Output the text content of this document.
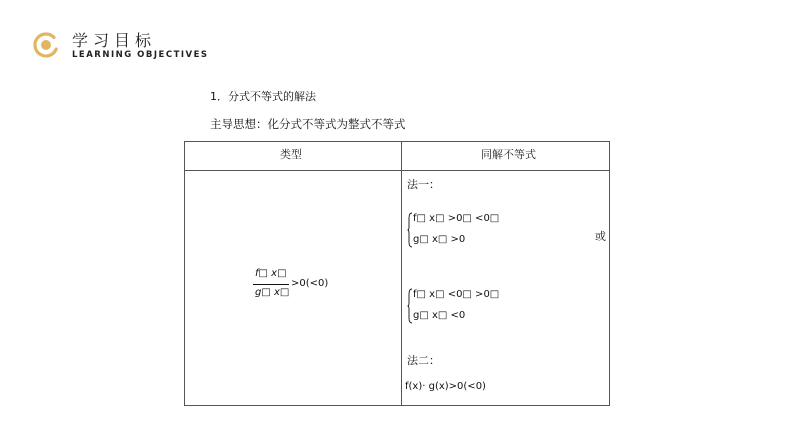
学习目标
LEARNING OBJECTIVES
1．分式不等式的解法
主导思想：化分式不等式为整式不等式
类型	同解不等式
f□ x□
g□ x□
>0(<0)
法一：
f□ x□ >0□ <0□
g□ x□ >0	或
f□ x□ <0□ >0□
g□ x□ <0
法二：
f(x)· g(x)>0(<0)
